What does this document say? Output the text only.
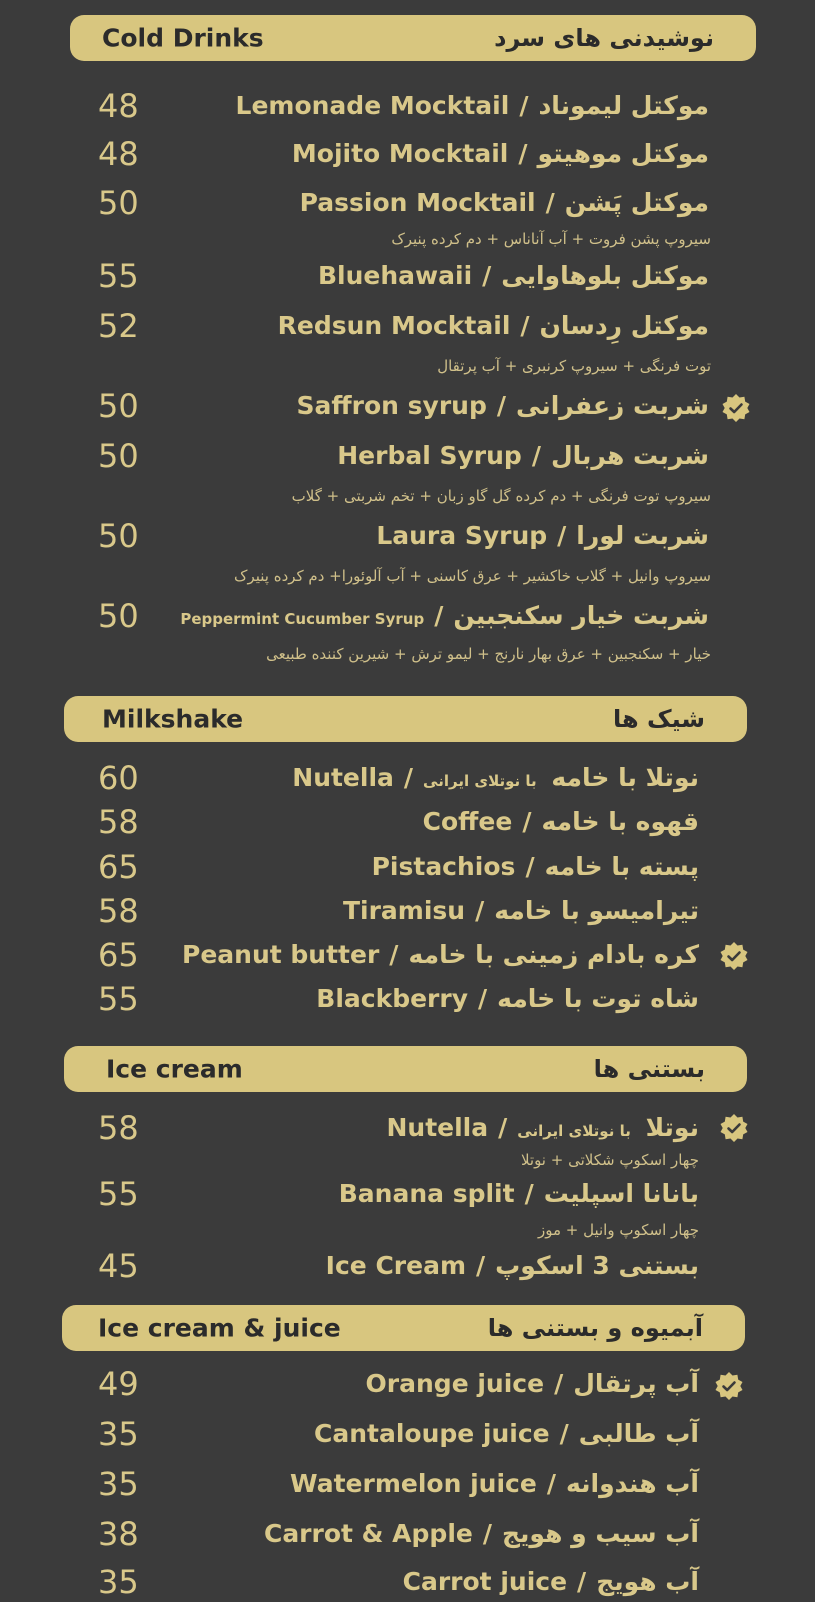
Cold Drinks	نوشیدنی های سرد
48	Lemonade Mocktail / موکتل لیموناد
48	Mojito Mocktail / موکتل موهیتو
50	Passion Mocktail / موکتل پَشن
سیروپ پشن فروت + آب آناناس + دم کرده پنیرک
55	Bluehawaii / موکتل بلوهاوایی
52	Redsun Mocktail / موکتل رِدسان
توت فرنگی + سیروپ کرنبری + آب پرتقال
50	Saffron syrup / شربت زعفرانی
50	Herbal Syrup / شربت هربال
سیروپ توت فرنگی + دم کرده گل گاو زبان + تخم شربتی + گلاب
50	Laura Syrup / شربت لورا
سیروپ وانیل + گلاب خاکشیر + عرق کاسنی + آب آلوئورا+ دم کرده پنیرک
50	Peppermint Cucumber Syrup / شربت خیار سکنجبین
خیار + سکنجبین + عرق بهار نارنج + لیمو ترش + شیرین کننده طبیعی
Milkshake	شیک ها
60	Nutella / با نوتلای ایرانی نوتلا با خامه
58	Coffee / قهوه با خامه
65	Pistachios / پسته با خامه
58	Tiramisu / تیرامیسو با خامه
65 Peanut butter / کره بادام زمینی با خامه
55	Blackberry / شاه توت با خامه
Ice cream	بستنی ها
58	Nutella / با نوتلای ایرانی نوتلا
چهار اسکوپ شکلاتی + نوتلا
55	Banana split / بانانا اسپلیت
چهار اسکوپ وانیل + موز
45	Ice Cream / بستنی 3 اسکوپ
Ice cream & juice	آبمیوه و بستنی ها
49	Orange juice / آب پرتقال
35	Cantaloupe juice / آب طالبی
35	Watermelon juice / آب هندوانه
38	Carrot & Apple / آب سیب و هویج
35	Carrot juice / آب هویج
